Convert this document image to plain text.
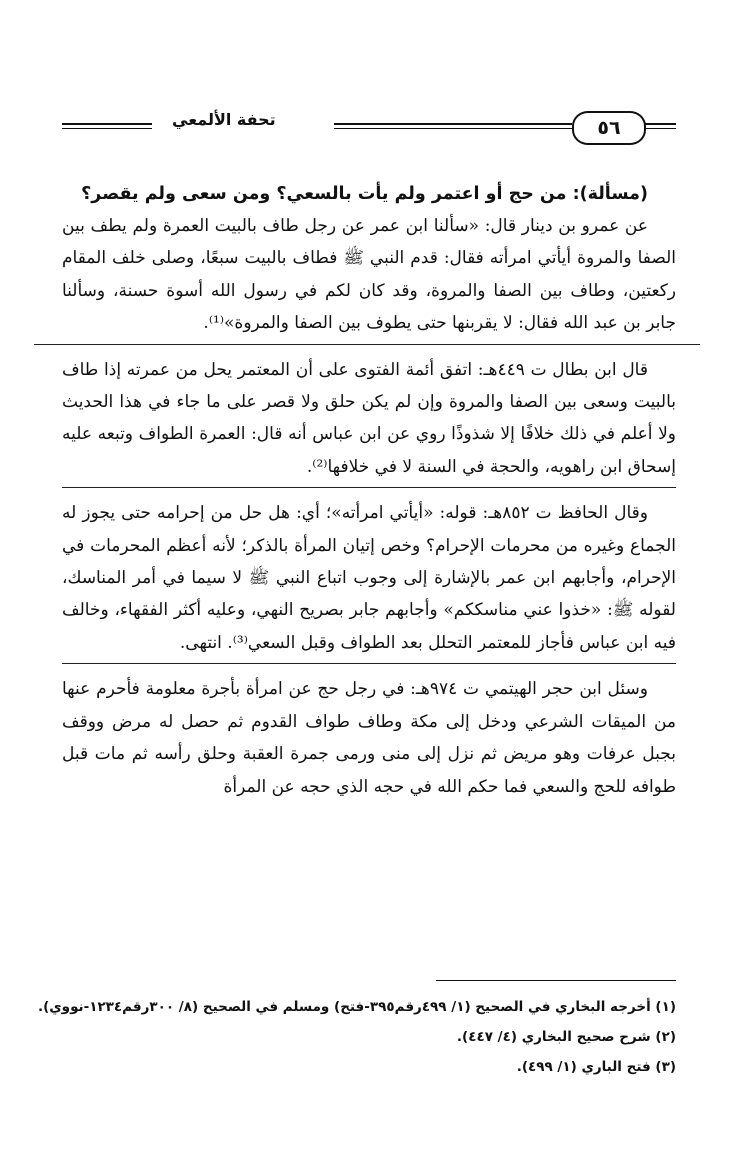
٥٦
تحفة الألمعي
(مسألة): من حج أو اعتمر ولم يأت بالسعي؟ ومن سعى ولم يقصر؟

عن عمرو بن دينار قال: «سألنا ابن عمر عن رجل طاف بالبيت العمرة ولم يطف بين الصفا والمروة أيأتي امرأته فقال: قدم النبي ﷺ فطاف بالبيت سبعًا، وصلى خلف المقام ركعتين، وطاف بين الصفا والمروة، وقد كان لكم في رسول الله أسوة حسنة، وسألنا جابر بن عبد الله فقال: لا يقربنها حتى يطوف بين الصفا والمروة»⁽¹⁾.

قال ابن بطال ت ٤٤٩هـ: اتفق أئمة الفتوى على أن المعتمر يحل من عمرته إذا طاف بالبيت وسعى بين الصفا والمروة وإن لم يكن حلق ولا قصر على ما جاء في هذا الحديث ولا أعلم في ذلك خلافًا إلا شذوذًا روي عن ابن عباس أنه قال: العمرة الطواف وتبعه عليه إسحاق ابن راهويه، والحجة في السنة لا في خلافها⁽²⁾.

وقال الحافظ ت ٨٥٢هـ: قوله: «أيأتي امرأته»؛ أي: هل حل من إحرامه حتى يجوز له الجماع وغيره من محرمات الإحرام؟ وخص إتيان المرأة بالذكر؛ لأنه أعظم المحرمات في الإحرام، وأجابهم ابن عمر بالإشارة إلى وجوب اتباع النبي ﷺ لا سيما في أمر المناسك، لقوله ﷺ: «خذوا عني مناسككم» وأجابهم جابر بصريح النهي، وعليه أكثر الفقهاء، وخالف فيه ابن عباس فأجاز للمعتمر التحلل بعد الطواف وقبل السعي⁽³⁾. انتهى.

وسئل ابن حجر الهيتمي ت ٩٧٤هـ: في رجل حج عن امرأة بأجرة معلومة فأحرم عنها من الميقات الشرعي ودخل إلى مكة وطاف طواف القدوم ثم حصل له مرض ووقف بجبل عرفات وهو مريض ثم نزل إلى منى ورمى جمرة العقبة وحلق رأسه ثم مات قبل طوافه للحج والسعي فما حكم الله في حجه الذي حجه عن المرأة

(١) أخرجه البخاري في الصحيح (١/ ٤٩٩رقم٣٩٥-فتح) ومسلم في الصحيح (٨/ ٣٠٠رقم١٢٣٤-نووي).
(٢) شرح صحيح البخاري (٤/ ٤٤٧).
(٣) فتح الباري (١/ ٤٩٩).
